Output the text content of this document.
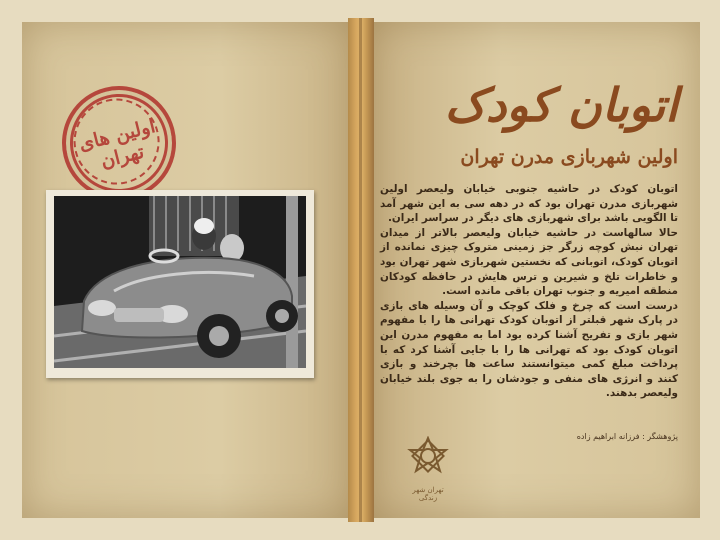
اولین های تهران
اتوبان کودک
اولین شهربازی مدرن تهران

اتوبان کودک در حاشیه جنوبی خیابان ولیعصر اولین شهربازی مدرن تهران بود که در دهه سی به این شهر آمد تا الگویی باشد برای شهربازی های دیگر در سراسر ایران.

حالا سالهاست در حاشیه خیابان ولیعصر بالاتر از میدان تهران نبش کوچه زرگر جز زمینی متروک چیزی نمانده از اتوبان کودک، اتوبانی که نخستین شهربازی شهر تهران بود و خاطرات تلخ و شیرین و ترس هایش در حافظه کودکان منطقه امیریه و جنوب تهران باقی مانده است.

درست است که چرخ و فلک کوچک و آن وسیله های بازی در پارک شهر قبلتر از اتوبان کودک تهرانی ها را با مفهوم شهر بازی و تفریح آشنا کرده بود اما به مفهوم مدرن این اتوبان کودک بود که تهرانی ها را با جایی آشنا کرد که با پرداخت مبلغ کمی میتوانستند ساعت ها بچرخند و بازی کنند و انرژی های منفی و جودشان را به جوی بلند خیابان ولیعصر بدهند.

پژوهشگر : فرزانه ابراهیم زاده
تهران شهر زندگی
